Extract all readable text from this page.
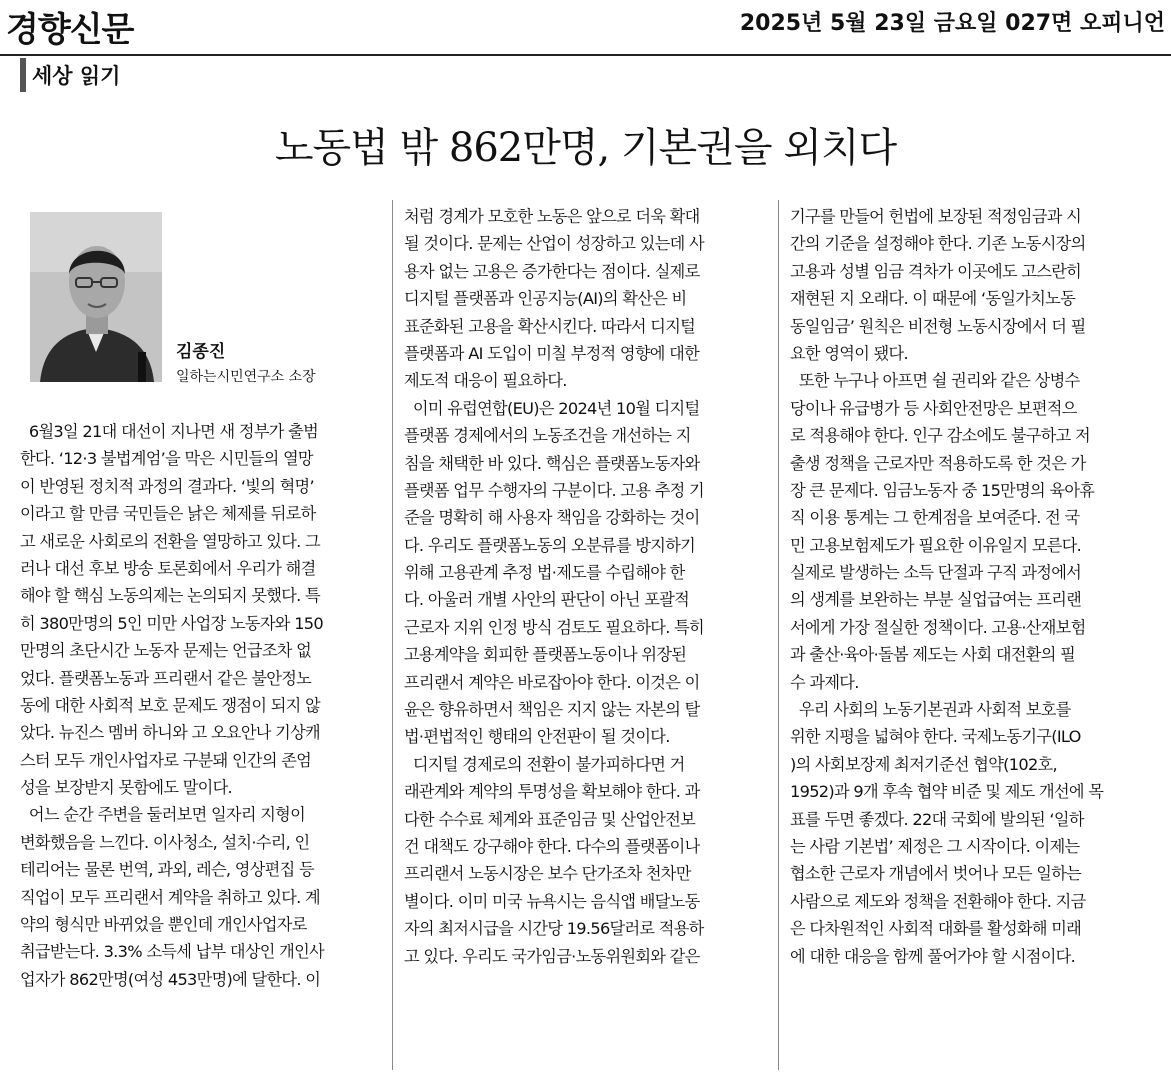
경향신문	2025년 5월 23일 금요일 027면 오피니언
세상 읽기
노동법 밖 862만명, 기본권을 외치다
김종진
일하는시민연구소 소장
6월3일 21대 대선이 지나면 새 정부가 출범
한다. ‘12·3 불법계엄’을 막은 시민들의 열망
이 반영된 정치적 과정의 결과다. ‘빛의 혁명’
이라고 할 만큼 국민들은 낡은 체제를 뒤로하
고 새로운 사회로의 전환을 열망하고 있다. 그
러나 대선 후보 방송 토론회에서 우리가 해결
해야 할 핵심 노동의제는 논의되지 못했다. 특
히 380만명의 5인 미만 사업장 노동자와 150
만명의 초단시간 노동자 문제는 언급조차 없
었다. 플랫폼노동과 프리랜서 같은 불안정노
동에 대한 사회적 보호 문제도 쟁점이 되지 않
았다. 뉴진스 멤버 하니와 고 오요안나 기상캐
스터 모두 개인사업자로 구분돼 인간의 존엄
성을 보장받지 못함에도 말이다.
어느 순간 주변을 둘러보면 일자리 지형이
변화했음을 느낀다. 이사청소, 설치·수리, 인
테리어는 물론 번역, 과외, 레슨, 영상편집 등
직업이 모두 프리랜서 계약을 취하고 있다. 계
약의 형식만 바뀌었을 뿐인데 개인사업자로
취급받는다. 3.3% 소득세 납부 대상인 개인사
업자가 862만명(여성 453만명)에 달한다. 이
처럼 경계가 모호한 노동은 앞으로 더욱 확대
될 것이다. 문제는 산업이 성장하고 있는데 사
용자 없는 고용은 증가한다는 점이다. 실제로
디지털 플랫폼과 인공지능(AI)의 확산은 비
표준화된 고용을 확산시킨다. 따라서 디지털
플랫폼과 AI 도입이 미칠 부정적 영향에 대한
제도적 대응이 필요하다.
이미 유럽연합(EU)은 2024년 10월 디지털
플랫폼 경제에서의 노동조건을 개선하는 지
침을 채택한 바 있다. 핵심은 플랫폼노동자와
플랫폼 업무 수행자의 구분이다. 고용 추정 기
준을 명확히 해 사용자 책임을 강화하는 것이
다. 우리도 플랫폼노동의 오분류를 방지하기
위해 고용관계 추정 법·제도를 수립해야 한
다. 아울러 개별 사안의 판단이 아닌 포괄적
근로자 지위 인정 방식 검토도 필요하다. 특히
고용계약을 회피한 플랫폼노동이나 위장된
프리랜서 계약은 바로잡아야 한다. 이것은 이
윤은 향유하면서 책임은 지지 않는 자본의 탈
법·편법적인 행태의 안전판이 될 것이다.
디지털 경제로의 전환이 불가피하다면 거
래관계와 계약의 투명성을 확보해야 한다. 과
다한 수수료 체계와 표준임금 및 산업안전보
건 대책도 강구해야 한다. 다수의 플랫폼이나
프리랜서 노동시장은 보수 단가조차 천차만
별이다. 이미 미국 뉴욕시는 음식앱 배달노동
자의 최저시급을 시간당 19.56달러로 적용하
고 있다. 우리도 국가임금·노동위원회와 같은
기구를 만들어 헌법에 보장된 적정임금과 시
간의 기준을 설정해야 한다. 기존 노동시장의
고용과 성별 임금 격차가 이곳에도 고스란히
재현된 지 오래다. 이 때문에 ‘동일가치노동
동일임금’ 원칙은 비전형 노동시장에서 더 필
요한 영역이 됐다.
또한 누구나 아프면 쉴 권리와 같은 상병수
당이나 유급병가 등 사회안전망은 보편적으
로 적용해야 한다. 인구 감소에도 불구하고 저
출생 정책을 근로자만 적용하도록 한 것은 가
장 큰 문제다. 임금노동자 중 15만명의 육아휴
직 이용 통계는 그 한계점을 보여준다. 전 국
민 고용보험제도가 필요한 이유일지 모른다.
실제로 발생하는 소득 단절과 구직 과정에서
의 생계를 보완하는 부분 실업급여는 프리랜
서에게 가장 절실한 정책이다. 고용·산재보험
과 출산·육아·돌봄 제도는 사회 대전환의 필
수 과제다.
우리 사회의 노동기본권과 사회적 보호를
위한 지평을 넓혀야 한다. 국제노동기구(ILO
)의 사회보장제 최저기준선 협약(102호,
1952)과 9개 후속 협약 비준 및 제도 개선에 목
표를 두면 좋겠다. 22대 국회에 발의된 ‘일하
는 사람 기본법’ 제정은 그 시작이다. 이제는
협소한 근로자 개념에서 벗어나 모든 일하는
사람으로 제도와 정책을 전환해야 한다. 지금
은 다차원적인 사회적 대화를 활성화해 미래
에 대한 대응을 함께 풀어가야 할 시점이다.
